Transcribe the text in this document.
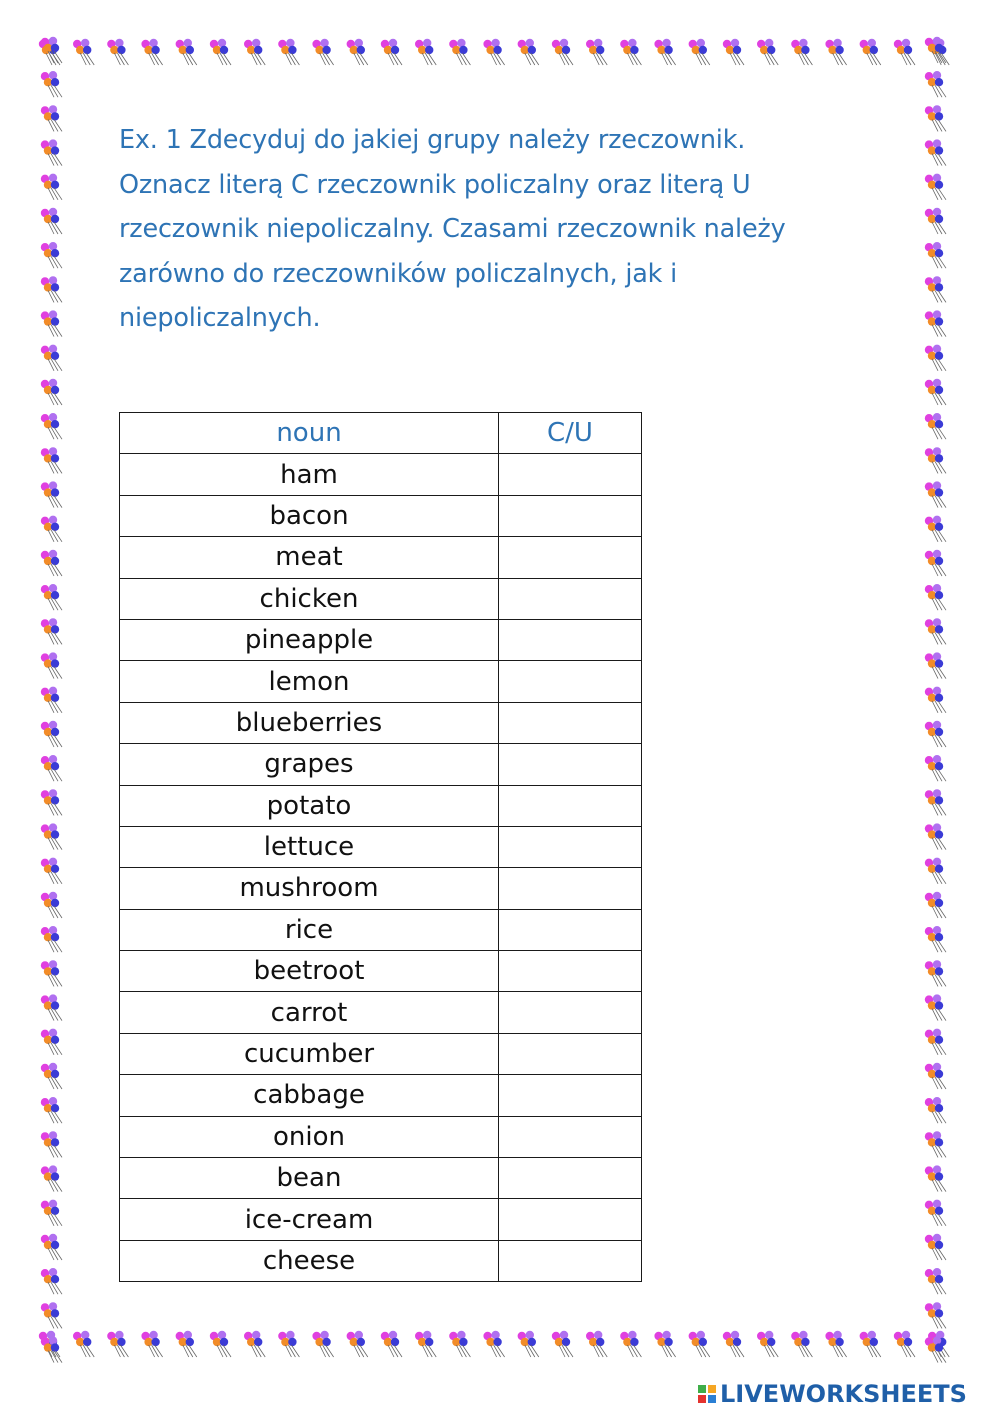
Ex. 1 Zdecyduj do jakiej grupy należy rzeczownik.
Oznacz literą C rzeczownik policzalny oraz literą U
rzeczownik niepoliczalny. Czasami rzeczownik należy
zarówno do rzeczowników policzalnych, jak i
niepoliczalnych.
noun	C/U
ham	
bacon	
meat	
chicken	
pineapple	
lemon	
blueberries	
grapes	
potato	
lettuce	
mushroom	
rice	
beetroot	
carrot	
cucumber	
cabbage	
onion	
bean	
ice-cream	
cheese	
LIVEWORKSHEETS
